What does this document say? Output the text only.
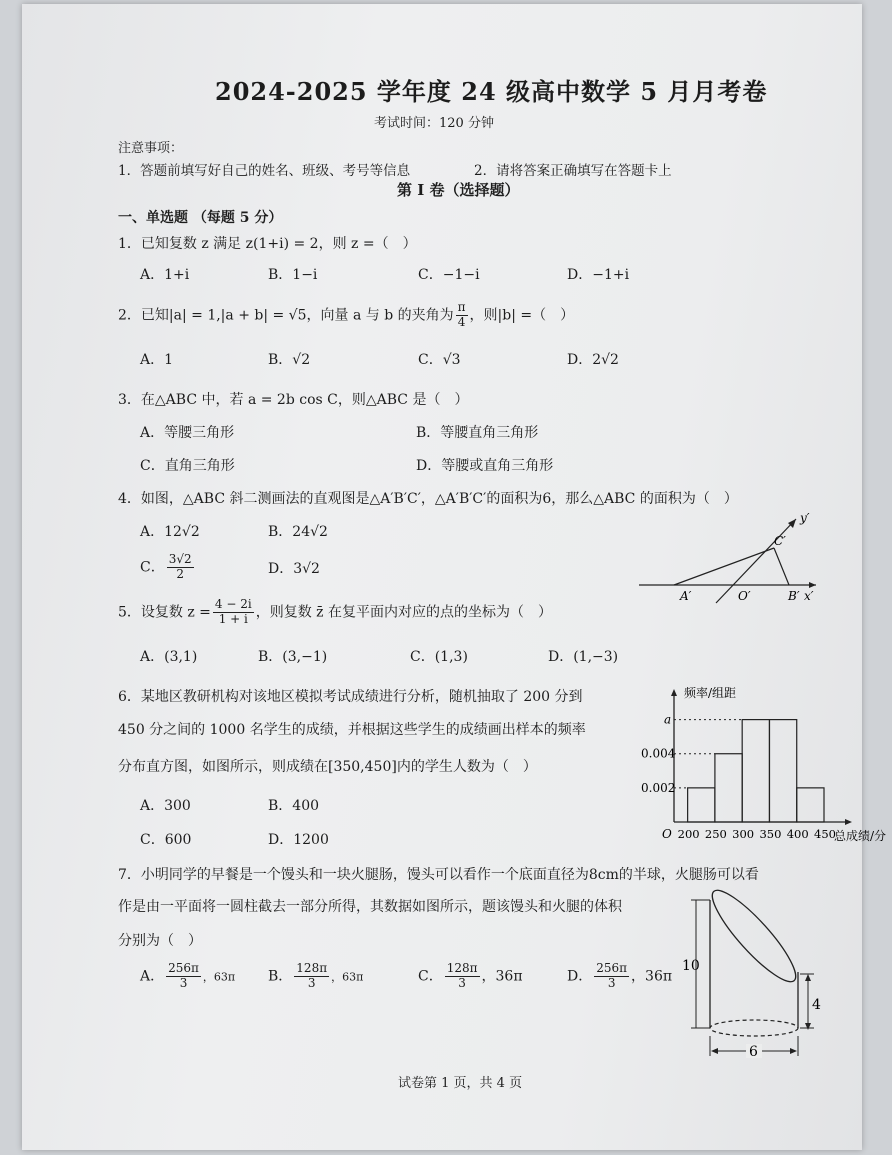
2024-2025 学年度 24 级高中数学 5 月月考卷
考试时间：120 分钟
注意事项：
1．答题前填写好自己的姓名、班级、考号等信息	2．请将答案正确填写在答题卡上
第 I 卷（选择题）
一、单选题 （每题 5 分）
1．已知复数 z 满足 z(1+i) = 2，则 z =（　）
A．1+i	B．1−i	C．−1−i	D．−1+i
2．已知|a| = 1,|a + b| = √5，向量 a 与 b 的夹角为 $\frac{\pi}{4}$ ，则|b| =（　）
A．1	B．√2	C．√3	D．2√2
3．在△ABC 中，若 a = 2b cos C，则△ABC 是（　）
A．等腰三角形	B．等腰直角三角形
C．直角三角形	D．等腰或直角三角形
4．如图，△ABC 斜二测画法的直观图是△A′B′C′，△A′B′C′的面积为6，那么△ABC 的面积为（　）
A．12√2	B．24√2
C． $\frac{3√2}{2}$	D．3√2
y′
C′
A′	O′	B′ x′
5．设复数 $z = \frac{4 - 2i}{1 + i}$ ，则复数 z̄ 在复平面内对应的点的坐标为（　）
A．(3,1)	B．(3,−1)	C．(1,3)	D．(1,−3)
6．某地区教研机构对该地区模拟考试成绩进行分析，随机抽取了 200 分到
450 分之间的 1000 名学生的成绩，并根据这些学生的成绩画出样本的频率
分布直方图，如图所示，则成绩在[350,450]内的学生人数为（　）
A．300	B．400
C．600	D．1200
频率/组距
总成绩/分
O
0.002
0.004
a
200 250 300 350 400 450
7．小明同学的早餐是一个馒头和一块火腿肠，馒头可以看作一个底面直径为8cm的半球，火腿肠可以看
作是由一平面将一圆柱截去一部分所得，其数据如图所示，题该馒头和火腿的体积
分别为（　）
A． $\frac{256\pi}{3}$ ，63π B． $\frac{128\pi}{3}$ ，63π	C． $\frac{128\pi}{3}$ ，36π	D． $\frac{256\pi}{3}$ ，36π
10
4
6
试卷第 1 页，共 4 页
